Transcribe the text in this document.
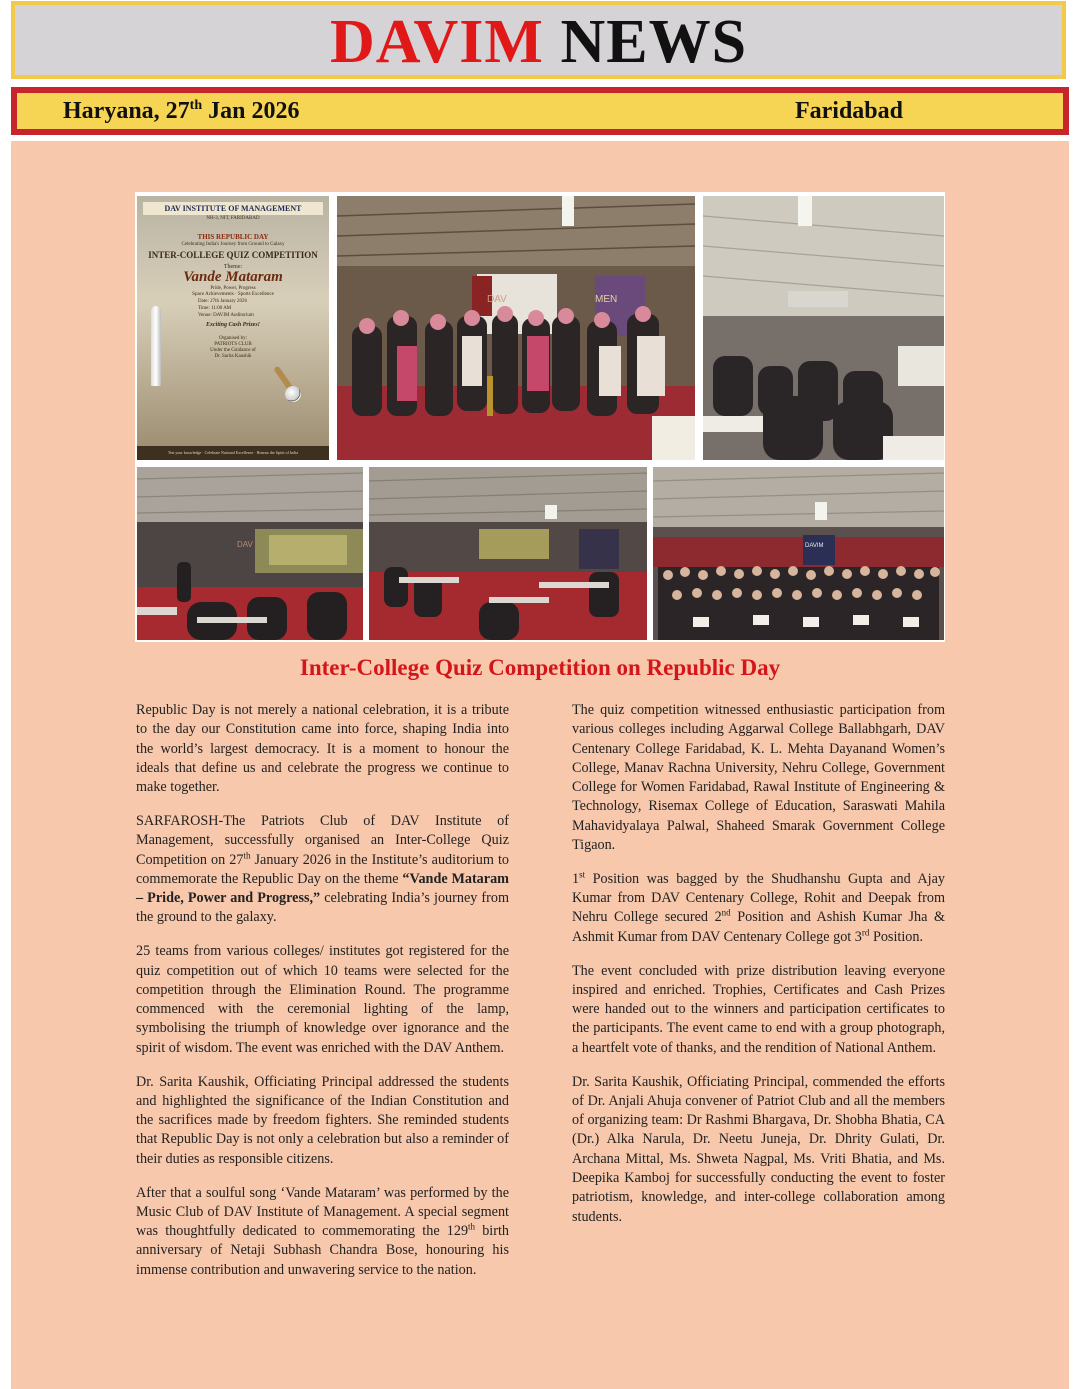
DAVIM NEWS
Haryana, 27th Jan 2026	Faridabad
DAV INSTITUTE OF MANAGEMENT
NH-3, NIT, FARIDABAD
THIS REPUBLIC DAY
Celebrating India's Journey from Ground to Galaxy
INTER-COLLEGE QUIZ COMPETITION
Theme:
Vande Mataram
Pride, Power, Progress
Space Achievements · Sports Excellence
Date: 27th January 2026
Time: 11:00 AM
Venue: DAVIM Auditorium
Exciting Cash Prizes!
Organised by:
PATRIOTS CLUB
Under the Guidance of
Dr. Sarita Kaushik
Test your knowledge · Celebrate National Excellence · Honour the Spirit of India
DAV	MEN
DAV	DAVIM
Inter-College Quiz Competition on Republic Day

Republic Day is not merely a national celebration, it is a tribute to the day our Constitution came into force, shaping India into the world’s largest democracy. It is a moment to honour the ideals that define us and celebrate the progress we continue to make together.

SARFAROSH-The Patriots Club of DAV Institute of Management, successfully organised an Inter-College Quiz Competition on 27th January 2026 in the Institute’s auditorium to commemorate the Republic Day on the theme “Vande Mataram – Pride, Power and Progress,” celebrating India’s journey from the ground to the galaxy.

25 teams from various colleges/ institutes got registered for the quiz competition out of which 10 teams were selected for the competition through the Elimination Round. The programme commenced with the ceremonial lighting of the lamp, symbolising the triumph of knowledge over ignorance and the spirit of wisdom. The event was enriched with the DAV Anthem.

Dr. Sarita Kaushik, Officiating Principal addressed the students and highlighted the significance of the Indian Constitution and the sacrifices made by freedom fighters. She reminded students that Republic Day is not only a celebration but also a reminder of their duties as responsible citizens.

After that a soulful song ‘Vande Mataram’ was performed by the Music Club of DAV Institute of Management. A special segment was thoughtfully dedicated to commemorating the 129th birth anniversary of Netaji Subhash Chandra Bose, honouring his immense contribution and unwavering service to the nation.

The quiz competition witnessed enthusiastic participation from various colleges including Aggarwal College Ballabhgarh, DAV Centenary College Faridabad, K. L. Mehta Dayanand Women’s College, Manav Rachna University, Nehru College, Government College for Women Faridabad, Rawal Institute of Engineering & Technology, Risemax College of Education, Saraswati Mahila Mahavidyalaya Palwal, Shaheed Smarak Government College Tigaon.

1st Position was bagged by the Shudhanshu Gupta and Ajay Kumar from DAV Centenary College, Rohit and Deepak from Nehru College secured 2nd Position and Ashish Kumar Jha & Ashmit Kumar from DAV Centenary College got 3rd Position.

The event concluded with prize distribution leaving everyone inspired and enriched. Trophies, Certificates and Cash Prizes were handed out to the winners and participation certificates to the participants. The event came to end with a group photograph, a heartfelt vote of thanks, and the rendition of National Anthem.

Dr. Sarita Kaushik, Officiating Principal, commended the efforts of Dr. Anjali Ahuja convener of Patriot Club and all the members of organizing team: Dr Rashmi Bhargava, Dr. Shobha Bhatia, CA (Dr.) Alka Narula, Dr. Neetu Juneja, Dr. Dhrity Gulati, Dr. Archana Mittal, Ms. Shweta Nagpal, Ms. Vriti Bhatia, and Ms. Deepika Kamboj for successfully conducting the event to foster patriotism, knowledge, and inter-college collaboration among students.
